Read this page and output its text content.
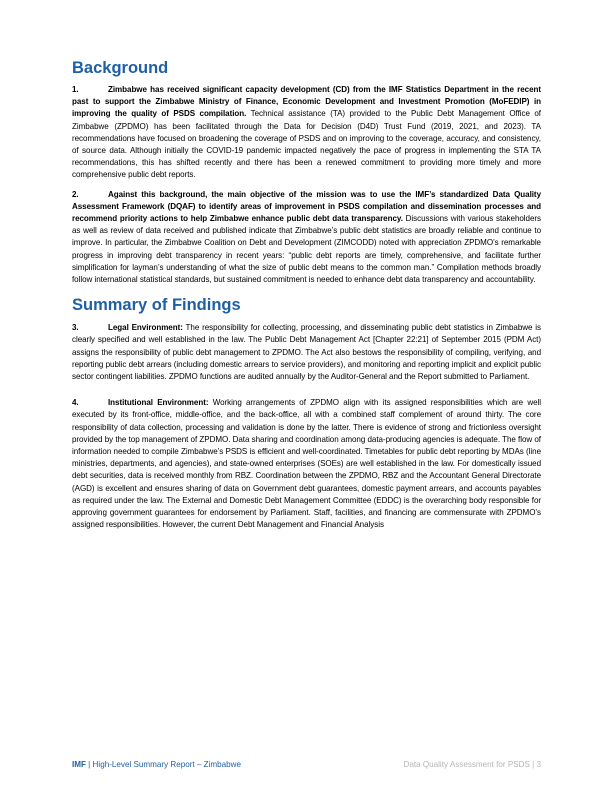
Background

1.	Zimbabwe has received significant capacity development (CD) from the IMF Statistics Department in the recent past to support the Zimbabwe Ministry of Finance, Economic Development and Investment Promotion (MoFEDIP) in improving the quality of PSDS compilation. Technical assistance (TA) provided to the Public Debt Management Office of Zimbabwe (ZPDMO) has been facilitated through the Data for Decision (D4D) Trust Fund (2019, 2021, and 2023). TA recommendations have focused on broadening the coverage of PSDS and on improving to the coverage, accuracy, and consistency, of source data. Although initially the COVID-19 pandemic impacted negatively the pace of progress in implementing the STA TA recommendations, this has shifted recently and there has been a renewed commitment to providing more timely and more comprehensive public debt reports.

2.	Against this background, the main objective of the mission was to use the IMF’s standardized Data Quality Assessment Framework (DQAF) to identify areas of improvement in PSDS compilation and dissemination processes and recommend priority actions to help Zimbabwe enhance public debt data transparency. Discussions with various stakeholders as well as review of data received and published indicate that Zimbabwe’s public debt statistics are broadly reliable and continue to improve. In particular, the Zimbabwe Coalition on Debt and Development (ZIMCODD) noted with appreciation ZPDMO’s remarkable progress in improving debt transparency in recent years: “public debt reports are timely, comprehensive, and facilitate further simplification for layman’s understanding of what the size of public debt means to the common man.” Compilation methods broadly follow international statistical standards, but sustained commitment is needed to enhance debt data transparency and accountability.

Summary of Findings

3.	Legal Environment: The responsibility for collecting, processing, and disseminating public debt statistics in Zimbabwe is clearly specified and well established in the law. The Public Debt Management Act [Chapter 22:21] of September 2015 (PDM Act) assigns the responsibility of public debt management to ZPDMO. The Act also bestows the responsibility of compiling, verifying, and reporting public debt arrears (including domestic arrears to service providers), and monitoring and reporting implicit and explicit public sector contingent liabilities. ZPDMO functions are audited annually by the Auditor-General and the Report submitted to Parliament.

4.	Institutional Environment: Working arrangements of ZPDMO align with its assigned responsibilities which are well executed by its front-office, middle-office, and the back-office, all with a combined staff complement of around thirty. The core responsibility of data collection, processing and validation is done by the latter. There is evidence of strong and frictionless oversight provided by the top management of ZPDMO. Data sharing and coordination among data-producing agencies is adequate. The flow of information needed to compile Zimbabwe’s PSDS is efficient and well-coordinated. Timetables for public debt reporting by MDAs (line ministries, departments, and agencies), and state-owned enterprises (SOEs) are well established in the law. For domestically issued debt securities, data is received monthly from RBZ. Coordination between the ZPDMO, RBZ and the Accountant General Directorate (AGD) is excellent and ensures sharing of data on Government debt guarantees, domestic payment arrears, and accounts payables as required under the law. The External and Domestic Debt Management Committee (EDDC) is the overarching body responsible for approving government guarantees for endorsement by Parliament. Staff, facilities, and financing are commensurate with ZPDMO’s assigned responsibilities. However, the current Debt Management and Financial Analysis

IMF | High-Level Summary Report – Zimbabwe	Data Quality Assessment for PSDS | 3
